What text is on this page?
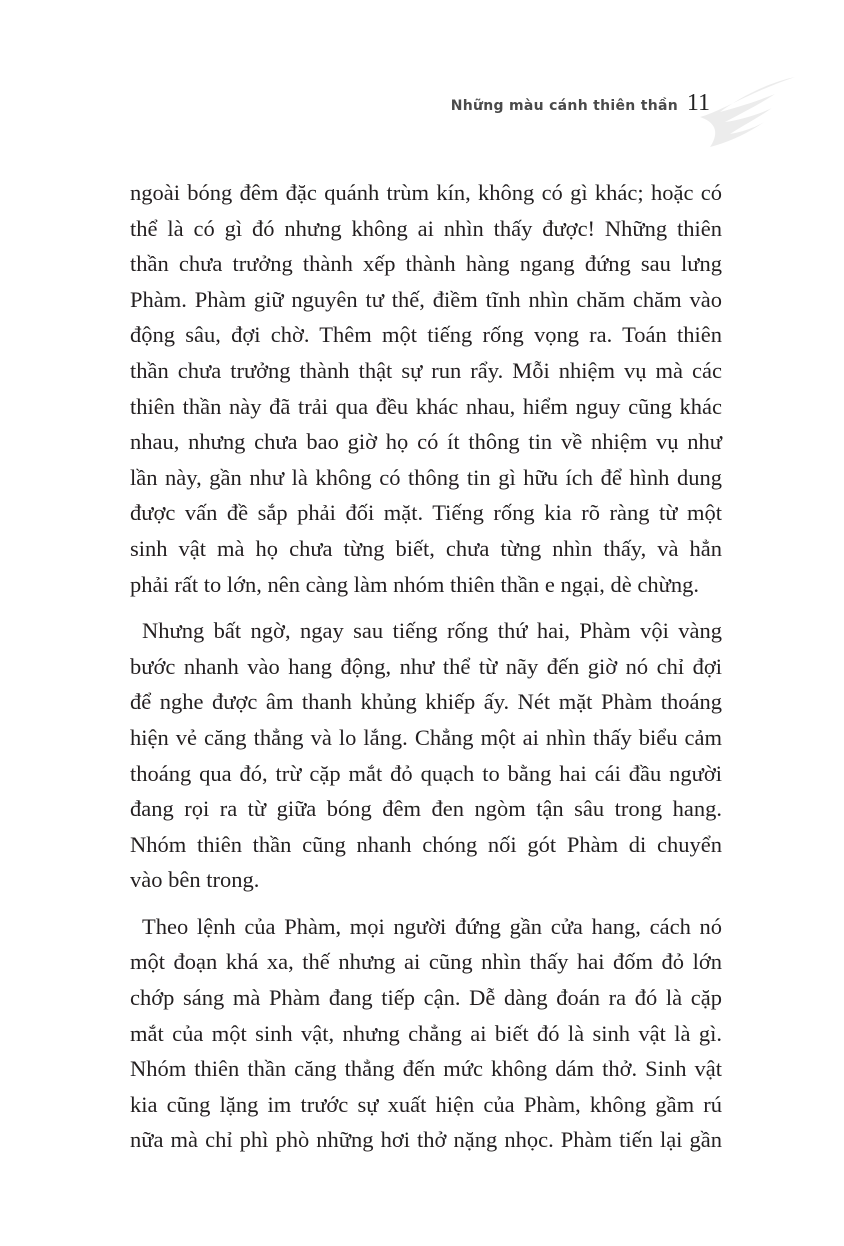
Những màu cánh thiên thần 11

ngoài bóng đêm đặc quánh trùm kín, không có gì khác; hoặc có
thể là có gì đó nhưng không ai nhìn thấy được! Những thiên
thần chưa trưởng thành xếp thành hàng ngang đứng sau lưng
Phàm. Phàm giữ nguyên tư thế, điềm tĩnh nhìn chăm chăm vào
động sâu, đợi chờ. Thêm một tiếng rống vọng ra. Toán thiên
thần chưa trưởng thành thật sự run rẩy. Mỗi nhiệm vụ mà các
thiên thần này đã trải qua đều khác nhau, hiểm nguy cũng khác
nhau, nhưng chưa bao giờ họ có ít thông tin về nhiệm vụ như
lần này, gần như là không có thông tin gì hữu ích để hình dung
được vấn đề sắp phải đối mặt. Tiếng rống kia rõ ràng từ một
sinh vật mà họ chưa từng biết, chưa từng nhìn thấy, và hẳn
phải rất to lớn, nên càng làm nhóm thiên thần e ngại, dè chừng.

Nhưng bất ngờ, ngay sau tiếng rống thứ hai, Phàm vội vàng
bước nhanh vào hang động, như thể từ nãy đến giờ nó chỉ đợi
để nghe được âm thanh khủng khiếp ấy. Nét mặt Phàm thoáng
hiện vẻ căng thẳng và lo lắng. Chẳng một ai nhìn thấy biểu cảm
thoáng qua đó, trừ cặp mắt đỏ quạch to bằng hai cái đầu người
đang rọi ra từ giữa bóng đêm đen ngòm tận sâu trong hang.
Nhóm thiên thần cũng nhanh chóng nối gót Phàm di chuyển
vào bên trong.

Theo lệnh của Phàm, mọi người đứng gần cửa hang, cách nó
một đoạn khá xa, thế nhưng ai cũng nhìn thấy hai đốm đỏ lớn
chớp sáng mà Phàm đang tiếp cận. Dễ dàng đoán ra đó là cặp
mắt của một sinh vật, nhưng chẳng ai biết đó là sinh vật là gì.
Nhóm thiên thần căng thẳng đến mức không dám thở. Sinh vật
kia cũng lặng im trước sự xuất hiện của Phàm, không gầm rú
nữa mà chỉ phì phò những hơi thở nặng nhọc. Phàm tiến lại gần
